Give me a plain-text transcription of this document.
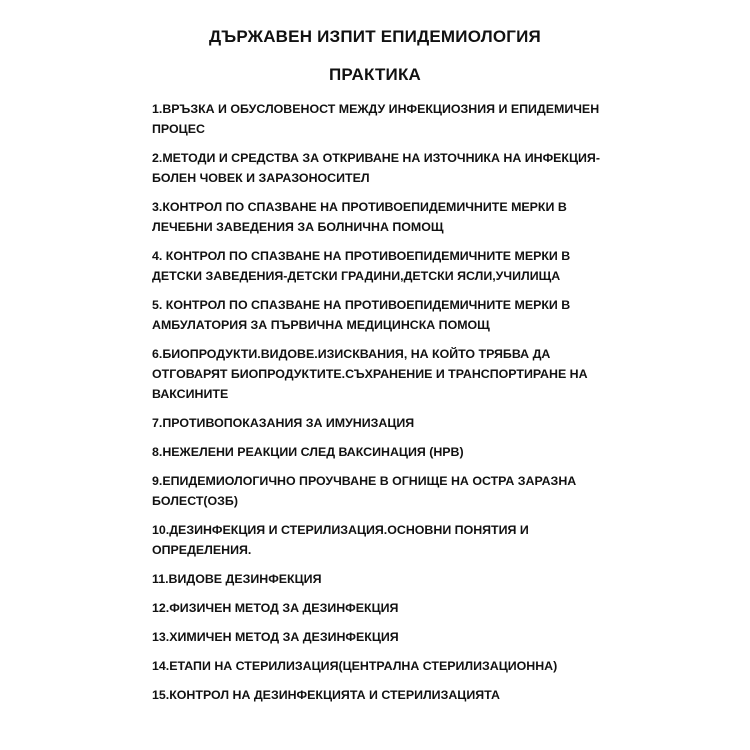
ДЪРЖАВЕН ИЗПИТ ЕПИДЕМИОЛОГИЯ
ПРАКТИКА
1.ВРЪЗКА И ОБУСЛОВЕНОСТ МЕЖДУ ИНФЕКЦИОЗНИЯ И ЕПИДЕМИЧЕН
ПРОЦЕС
2.МЕТОДИ И СРЕДСТВА ЗА ОТКРИВАНЕ НА ИЗТОЧНИКА НА ИНФЕКЦИЯ-
БОЛЕН ЧОВЕК И ЗАРАЗОНОСИТЕЛ
3.КОНТРОЛ ПО СПАЗВАНЕ НА ПРОТИВОЕПИДЕМИЧНИТЕ МЕРКИ В
ЛЕЧЕБНИ ЗАВЕДЕНИЯ ЗА БОЛНИЧНА ПОМОЩ
4. КОНТРОЛ ПО СПАЗВАНЕ НА ПРОТИВОЕПИДЕМИЧНИТЕ МЕРКИ В
ДЕТСКИ ЗАВЕДЕНИЯ-ДЕТСКИ ГРАДИНИ,ДЕТСКИ ЯСЛИ,УЧИЛИЩА
5. КОНТРОЛ ПО СПАЗВАНЕ НА ПРОТИВОЕПИДЕМИЧНИТЕ МЕРКИ В
АМБУЛАТОРИЯ ЗА ПЪРВИЧНА МЕДИЦИНСКА ПОМОЩ
6.БИОПРОДУКТИ.ВИДОВЕ.ИЗИСКВАНИЯ, НА КОЙТО ТРЯБВА ДА
ОТГОВАРЯТ БИОПРОДУКТИТЕ.СЪХРАНЕНИЕ И ТРАНСПОРТИРАНЕ НА
ВАКСИНИТЕ
7.ПРОТИВОПОКАЗАНИЯ ЗА ИМУНИЗАЦИЯ
8.НЕЖЕЛЕНИ РЕАКЦИИ СЛЕД ВАКСИНАЦИЯ (НРВ)
9.ЕПИДЕМИОЛОГИЧНО ПРОУЧВАНЕ В ОГНИЩЕ НА ОСТРА ЗАРАЗНА
БОЛЕСТ(ОЗБ)
10.ДЕЗИНФЕКЦИЯ И СТЕРИЛИЗАЦИЯ.ОСНОВНИ ПОНЯТИЯ И
ОПРЕДЕЛЕНИЯ.
11.ВИДОВЕ ДЕЗИНФЕКЦИЯ
12.ФИЗИЧЕН МЕТОД ЗА ДЕЗИНФЕКЦИЯ
13.ХИМИЧЕН МЕТОД ЗА ДЕЗИНФЕКЦИЯ
14.ЕТАПИ НА СТЕРИЛИЗАЦИЯ(ЦЕНТРАЛНА СТЕРИЛИЗАЦИОННА)
15.КОНТРОЛ НА ДЕЗИНФЕКЦИЯТА И СТЕРИЛИЗАЦИЯТА
